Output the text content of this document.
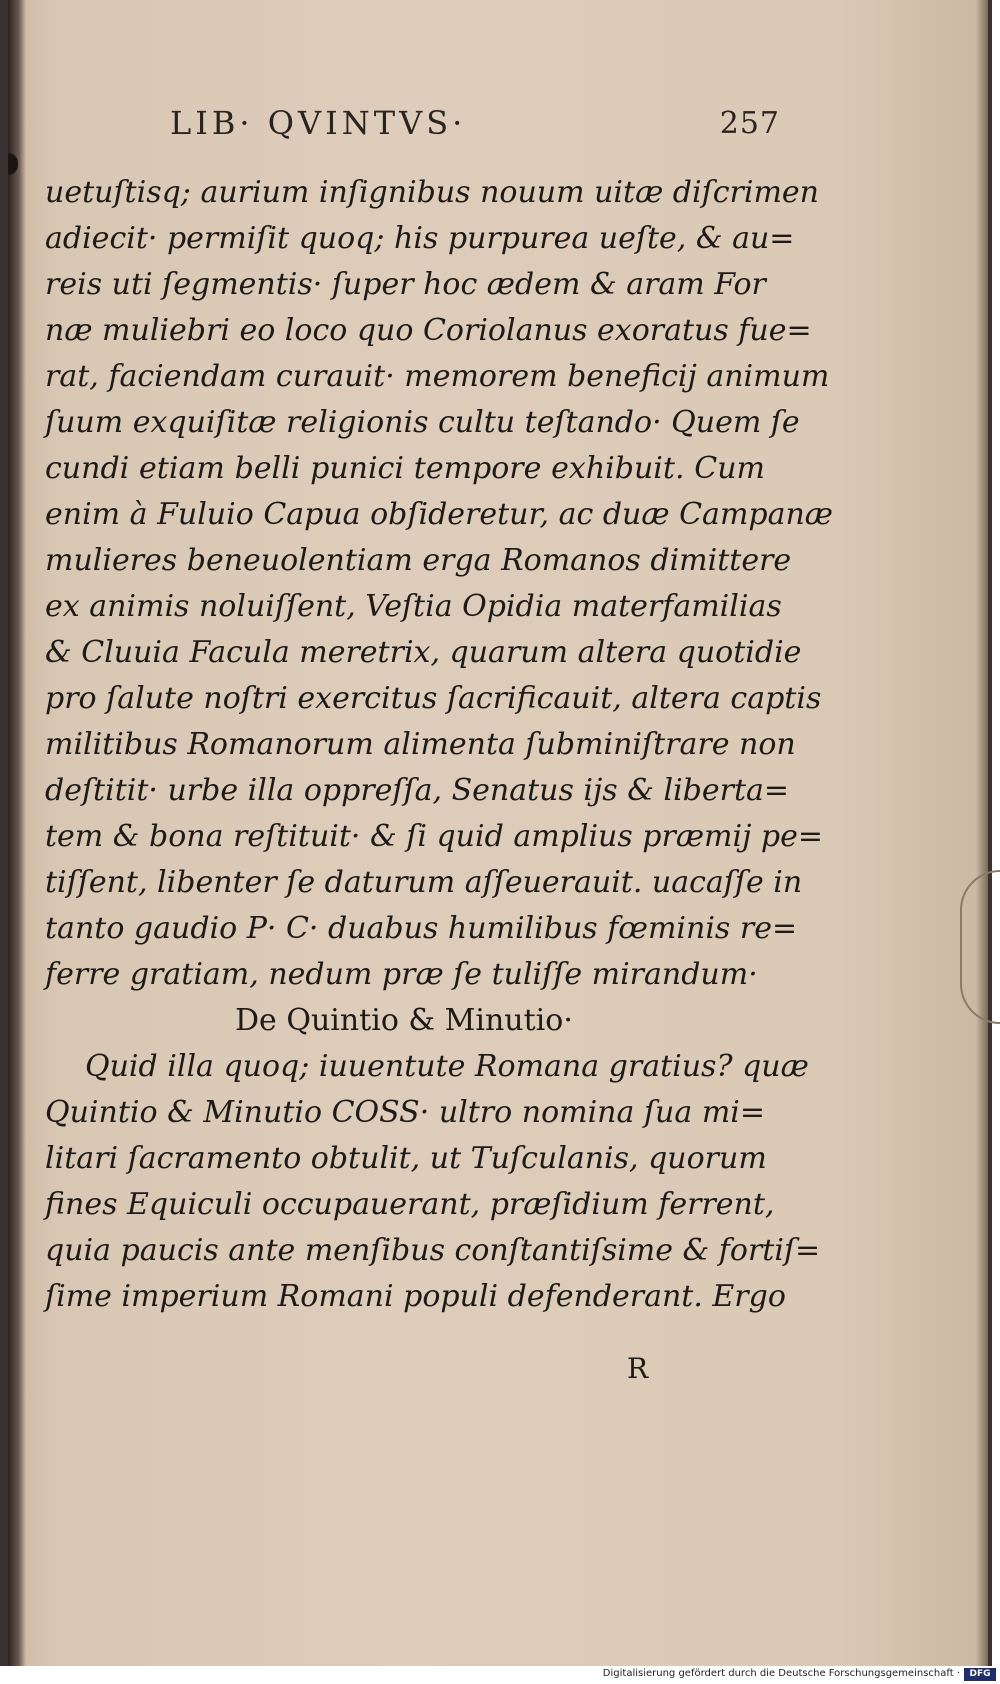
LIB· QVINTVS·	257
uetuſtisq; aurium inſignibus nouum uitæ diſcrimen
adiecit· permiſit quoq; his purpurea ueſte, & au=
reis uti ſegmentis· ſuper hoc ædem & aram For
næ muliebri eo loco quo Coriolanus exoratus fue=
rat, faciendam curauit· memorem beneficij animum
ſuum exquiſitæ religionis cultu teſtando· Quem ſe
cundi etiam belli punici tempore exhibuit. Cum
enim à Fuluio Capua obſideretur, ac duæ Campanæ
mulieres beneuolentiam erga Romanos dimittere
ex animis noluiſſent, Veſtia Opidia materfamilias
& Cluuia Facula meretrix, quarum altera quotidie
pro ſalute noſtri exercitus ſacrificauit, altera captis
militibus Romanorum alimenta ſubminiſtrare non
deſtitit· urbe illa oppreſſa, Senatus ijs & liberta=
tem & bona reſtituit· & ſi quid amplius præmij pe=
tiſſent, libenter ſe daturum aſſeuerauit. uacaſſe in
tanto gaudio P· C· duabus humilibus fœminis re=
ferre gratiam, nedum præ ſe tuliſſe mirandum·
De Quintio & Minutio·
Quid illa quoq; iuuentute Romana gratius? quæ
Quintio & Minutio COSS· ultro nomina ſua mi=
litari ſacramento obtulit, ut Tuſculanis, quorum
fines Equiculi occupauerant, præſidium ferrent,
quia paucis ante menſibus conſtantiſsime & fortiſ=
ſime imperium Romani populi defenderant. Ergo
R
Digitalisierung gefördert durch die Deutsche Forschungsgemeinschaft ·	DFG
